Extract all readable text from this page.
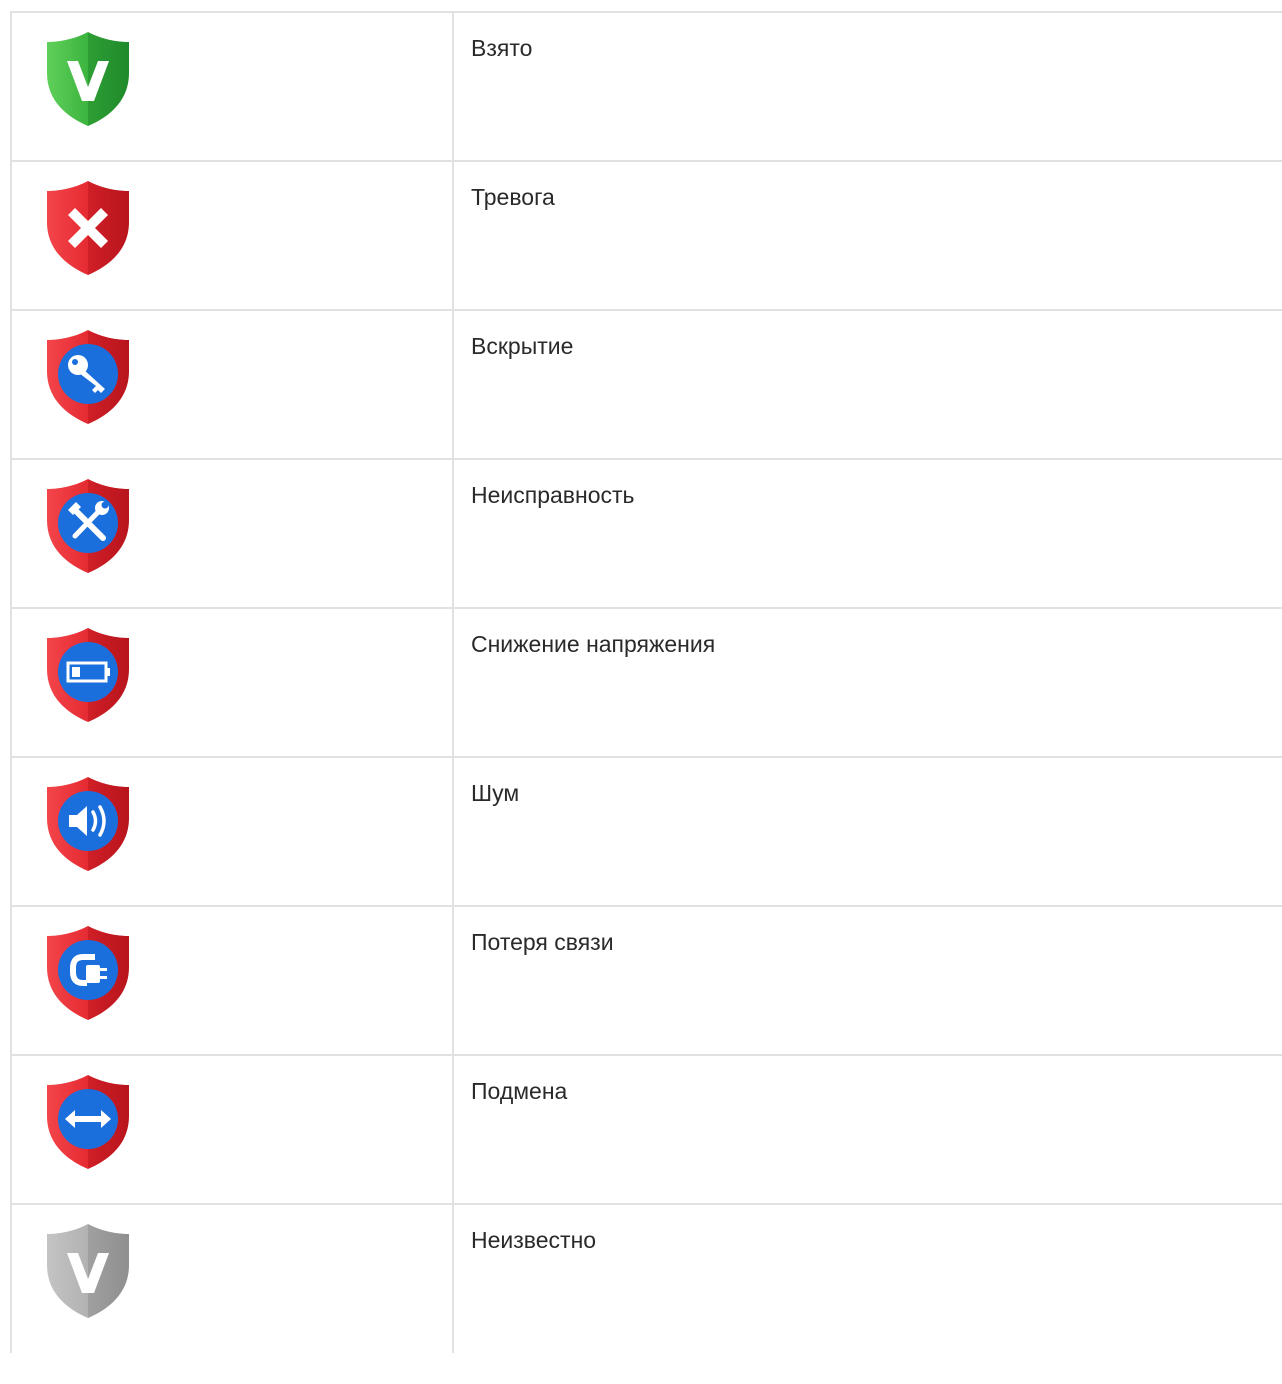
	Взято

	Тревога

	Вскрытие

	Неисправность

	Снижение напряжения

	Шум

	Потеря связи

	Подмена

	Неизвестно
